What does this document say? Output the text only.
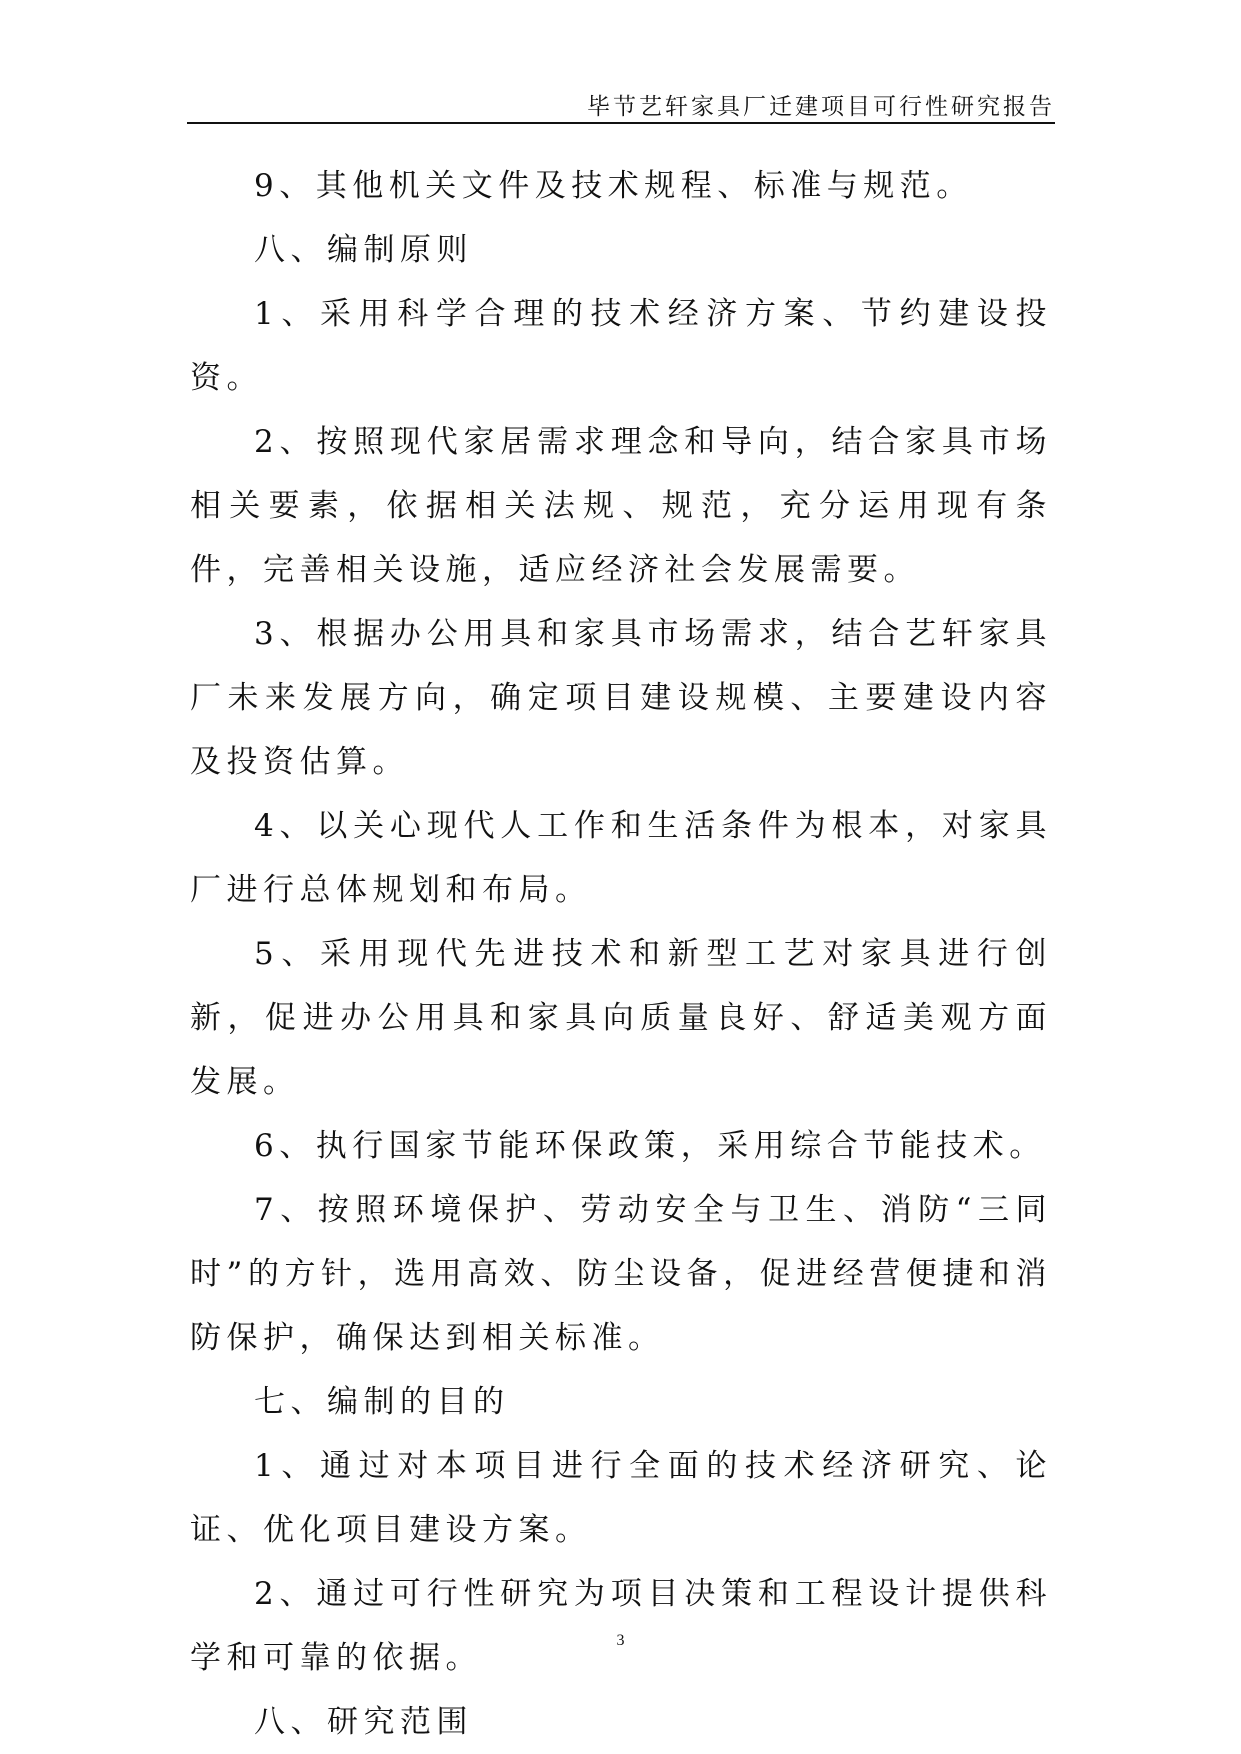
毕节艺轩家具厂迁建项目可行性研究报告

9、其他机关文件及技术规程、标准与规范。

八、编制原则

1、采用科学合理的技术经济方案、节约建设投资。

2、按照现代家居需求理念和导向，结合家具市场相关要素，依据相关法规、规范，充分运用现有条件，完善相关设施，适应经济社会发展需要。

3、根据办公用具和家具市场需求，结合艺轩家具厂未来发展方向，确定项目建设规模、主要建设内容及投资估算。

4、以关心现代人工作和生活条件为根本，对家具厂进行总体规划和布局。

5、采用现代先进技术和新型工艺对家具进行创新，促进办公用具和家具向质量良好、舒适美观方面发展。

6、执行国家节能环保政策，采用综合节能技术。

7、按照环境保护、劳动安全与卫生、消防“三同时”的方针，选用高效、防尘设备，促进经营便捷和消防保护，确保达到相关标准。

七、编制的目的

1、通过对本项目进行全面的技术经济研究、论证、优化项目建设方案。

2、通过可行性研究为项目决策和工程设计提供科学和可靠的依据。

八、研究范围

3
